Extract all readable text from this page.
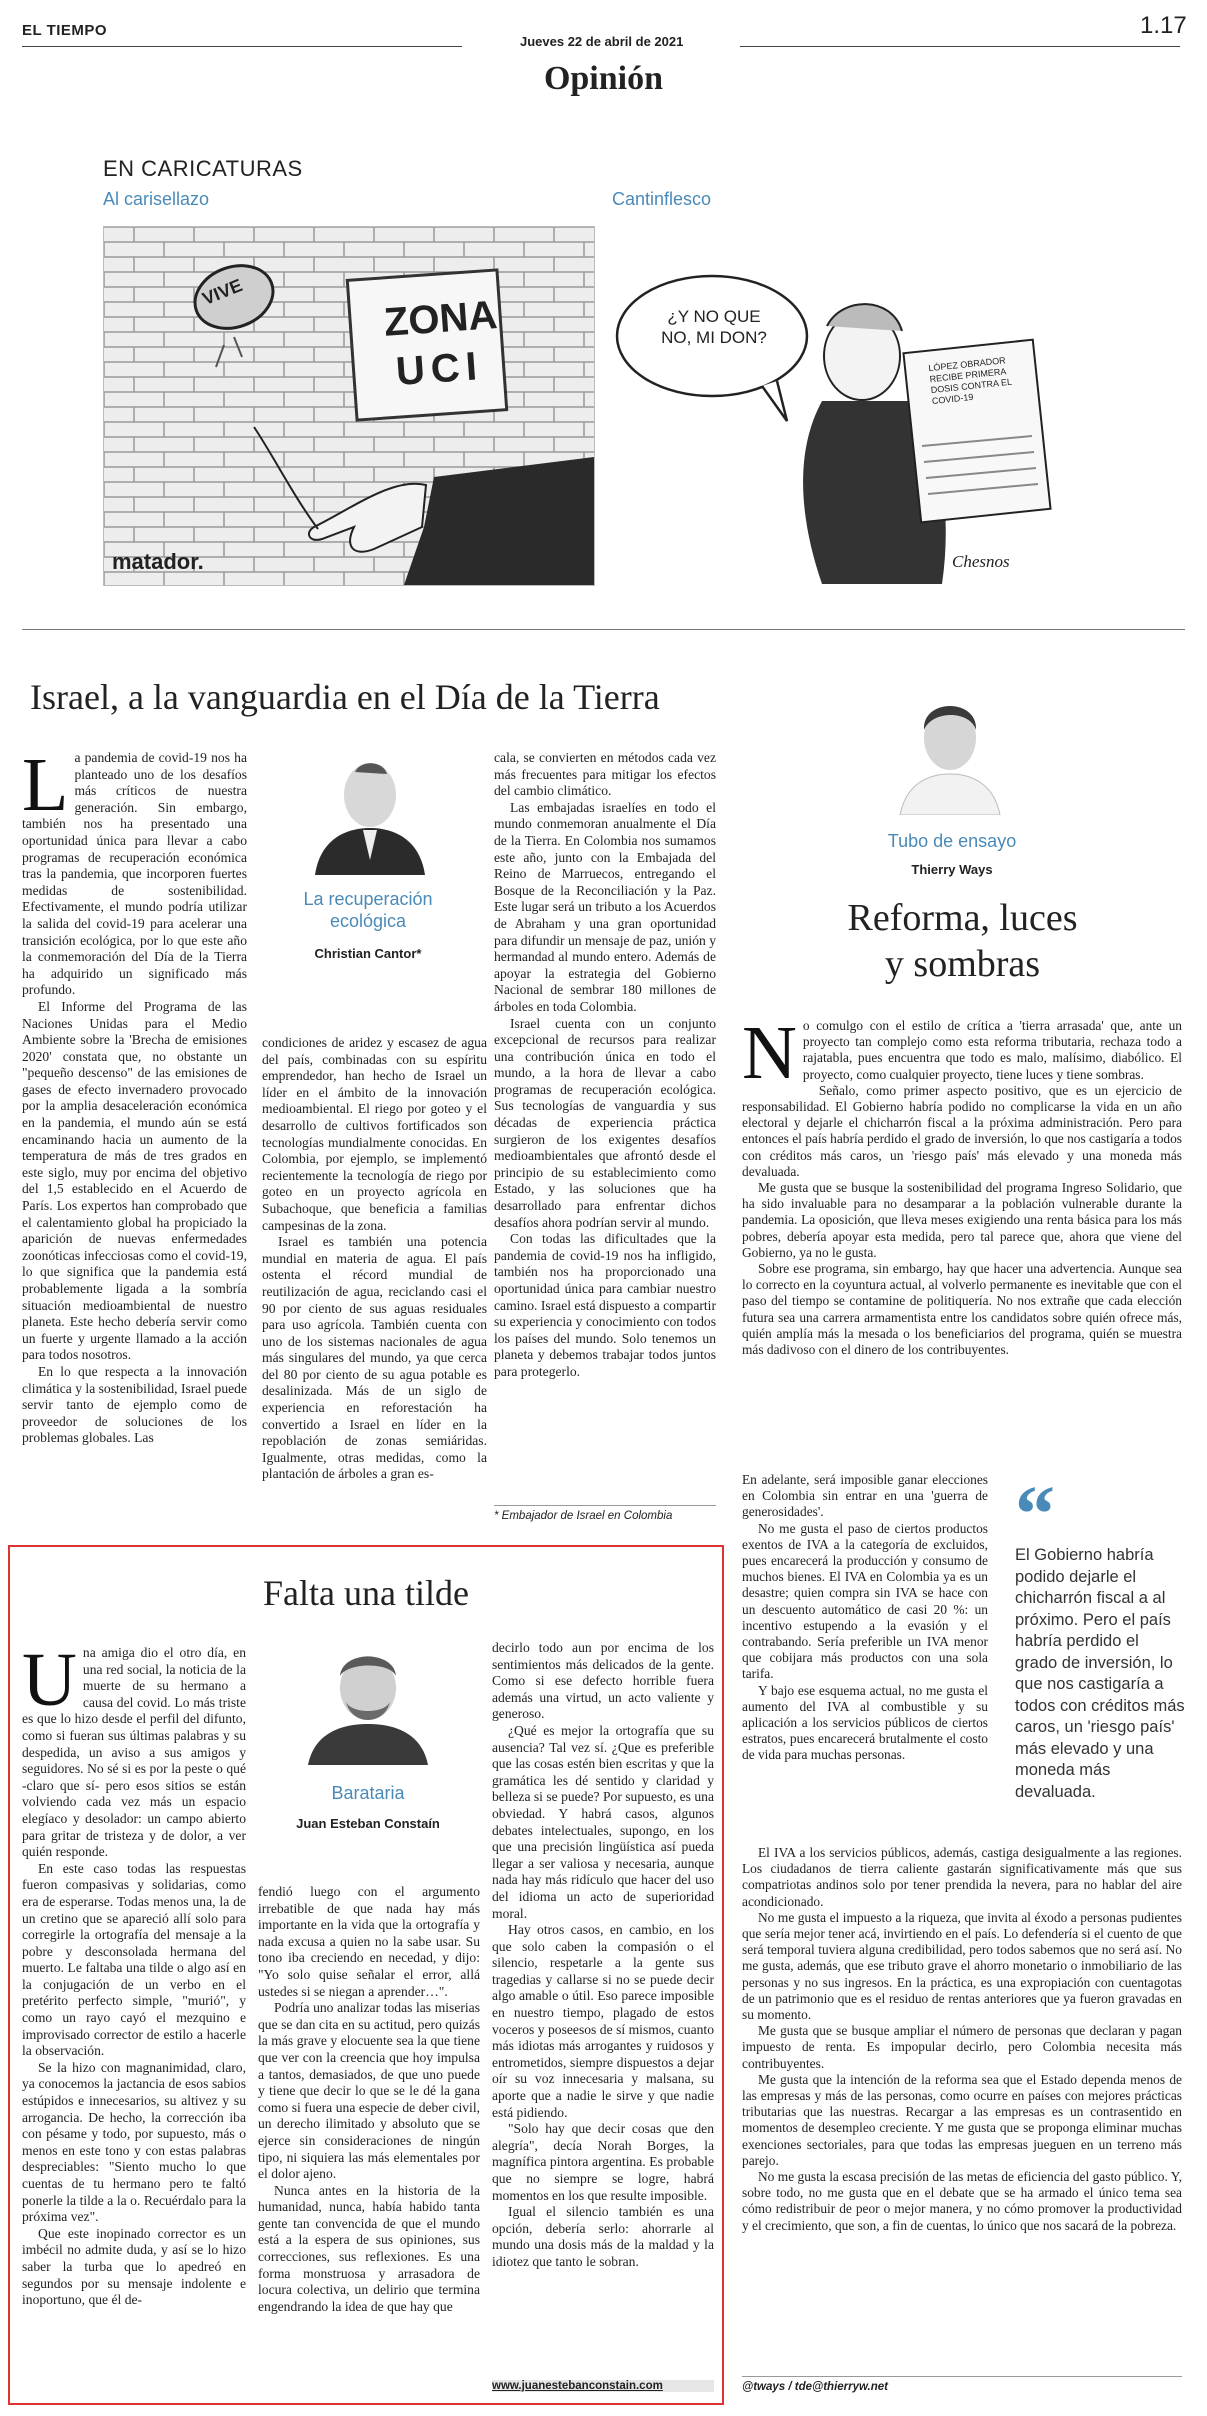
EL TIEMPO
Jueves 22 de abril de 2021
1.17
Opinión
EN CARICATURAS
Al carisellazo	Cantinflesco
VIVE
ZONA
UCI
matador.
¿Y NO QUE NO, MI DON?
LÓPEZ OBRADOR RECIBE PRIMERA DOSIS CONTRA EL COVID-19
Chesnos
Israel, a la vanguardia en el Día de la Tierra
L a pandemia de covid-19 nos ha planteado uno de los desafíos más críticos de nuestra generación. Sin embargo, también nos ha presentado una oportunidad única para llevar a cabo programas de recuperación económica tras la pandemia, que incorporen fuertes medidas de sostenibilidad. Efectivamente, el mundo podría utilizar la salida del covid-19 para acelerar una transición ecológica, por lo que este año la conmemoración del Día de la Tierra ha adquirido un significado más profundo.

El Informe del Programa de las Naciones Unidas para el Medio Ambiente sobre la 'Brecha de emisiones 2020' constata que, no obstante un "pequeño descenso" de las emisiones de gases de efecto invernadero provocado por la amplia desaceleración económica en la pandemia, el mundo aún se está encaminando hacia un aumento de la temperatura de más de tres grados en este siglo, muy por encima del objetivo del 1,5 establecido en el Acuerdo de París. Los expertos han comprobado que el calentamiento global ha propiciado la aparición de nuevas enfermedades zoonóticas infecciosas como el covid-19, lo que significa que la pandemia está probablemente ligada a la sombría situación medioambiental de nuestro planeta. Este hecho debería servir como un fuerte y urgente llamado a la acción para todos nosotros.

En lo que respecta a la innovación climática y la sostenibilidad, Israel puede servir tanto de ejemplo como de proveedor de soluciones de los problemas globales. Las

La recuperación ecológica
Christian Cantor*

condiciones de aridez y escasez de agua del país, combinadas con su espíritu emprendedor, han hecho de Israel un líder en el ámbito de la innovación medioambiental. El riego por goteo y el desarrollo de cultivos fortificados son tecnologías mundialmente conocidas. En Colombia, por ejemplo, se implementó recientemente la tecnología de riego por goteo en un proyecto agrícola en Subachoque, que beneficia a familias campesinas de la zona.

Israel es también una potencia mundial en materia de agua. El país ostenta el récord mundial de reutilización de agua, reciclando casi el 90 por ciento de sus aguas residuales para uso agrícola. También cuenta con uno de los sistemas nacionales de agua más singulares del mundo, ya que cerca del 80 por ciento de su agua potable es desalinizada. Más de un siglo de experiencia en reforestación ha convertido a Israel en líder en la repoblación de zonas semiáridas. Igualmente, otras medidas, como la plantación de árboles a gran es-

cala, se convierten en métodos cada vez más frecuentes para mitigar los efectos del cambio climático.

Las embajadas israelíes en todo el mundo conmemoran anualmente el Día de la Tierra. En Colombia nos sumamos este año, junto con la Embajada del Reino de Marruecos, entregando el Bosque de la Reconciliación y la Paz. Este lugar será un tributo a los Acuerdos de Abraham y una gran oportunidad para difundir un mensaje de paz, unión y hermandad al mundo entero. Además de apoyar la estrategia del Gobierno Nacional de sembrar 180 millones de árboles en toda Colombia.

Israel cuenta con un conjunto excepcional de recursos para realizar una contribución única en todo el mundo, a la hora de llevar a cabo programas de recuperación ecológica. Sus tecnologías de vanguardia y sus décadas de experiencia práctica surgieron de los exigentes desafíos medioambientales que afrontó desde el principio de su establecimiento como Estado, y las soluciones que ha desarrollado para enfrentar dichos desafíos ahora podrían servir al mundo.

Con todas las dificultades que la pandemia de covid-19 nos ha infligido, también nos ha proporcionado una oportunidad única para cambiar nuestro camino. Israel está dispuesto a compartir su experiencia y conocimiento con todos los países del mundo. Solo tenemos un planeta y debemos trabajar todos juntos para protegerlo.

* Embajador de Israel en Colombia
Falta una tilde
U na amiga dio el otro día, en una red social, la noticia de la muerte de su hermano a causa del covid. Lo más triste es que lo hizo desde el perfil del difunto, como si fueran sus últimas palabras y su despedida, un aviso a sus amigos y seguidores. No sé si es por la peste o qué -claro que sí- pero esos sitios se están volviendo cada vez más un espacio elegíaco y desolador: un campo abierto para gritar de tristeza y de dolor, a ver quién responde.

En este caso todas las respuestas fueron compasivas y solidarias, como era de esperarse. Todas menos una, la de un cretino que se apareció allí solo para corregirle la ortografía del mensaje a la pobre y desconsolada hermana del muerto. Le faltaba una tilde o algo así en la conjugación de un verbo en el pretérito perfecto simple, "murió", y como un rayo cayó el mezquino e improvisado corrector de estilo a hacerle la observación.

Se la hizo con magnanimidad, claro, ya conocemos la jactancia de esos sabios estúpidos e innecesarios, su altivez y su arrogancia. De hecho, la corrección iba con pésame y todo, por supuesto, más o menos en este tono y con estas palabras despreciables: "Siento mucho lo que cuentas de tu hermano pero te faltó ponerle la tilde a la o. Recuérdalo para la próxima vez".

Que este inopinado corrector es un imbécil no admite duda, y así se lo hizo saber la turba que lo apedreó en segundos por su mensaje indolente e inoportuno, que él de-

Barataria
Juan Esteban Constaín

fendió luego con el argumento irrebatible de que nada hay más importante en la vida que la ortografía y nada excusa a quien no la sabe usar. Su tono iba creciendo en necedad, y dijo: "Yo solo quise señalar el error, allá ustedes si se niegan a aprender…".

Podría uno analizar todas las miserias que se dan cita en su actitud, pero quizás la más grave y elocuente sea la que tiene que ver con la creencia que hoy impulsa a tantos, demasiados, de que uno puede y tiene que decir lo que se le dé la gana como si fuera una especie de deber civil, un derecho ilimitado y absoluto que se ejerce sin consideraciones de ningún tipo, ni siquiera las más elementales por el dolor ajeno.

Nunca antes en la historia de la humanidad, nunca, había habido tanta gente tan convencida de que el mundo está a la espera de sus opiniones, sus correcciones, sus reflexiones. Es una forma monstruosa y arrasadora de locura colectiva, un delirio que termina engendrando la idea de que hay que

decirlo todo aun por encima de los sentimientos más delicados de la gente. Como si ese defecto horrible fuera además una virtud, un acto valiente y generoso.

¿Qué es mejor la ortografía que su ausencia? Tal vez sí. ¿Que es preferible que las cosas estén bien escritas y que la gramática les dé sentido y claridad y belleza si se puede? Por supuesto, es una obviedad. Y habrá casos, algunos debates intelectuales, supongo, en los que una precisión lingüística así pueda llegar a ser valiosa y necesaria, aunque nada hay más ridículo que hacer del uso del idioma un acto de superioridad moral.

Hay otros casos, en cambio, en los que solo caben la compasión o el silencio, respetarle a la gente sus tragedias y callarse si no se puede decir algo amable o útil. Eso parece imposible en nuestro tiempo, plagado de estos voceros y poseesos de sí mismos, cuanto más idiotas más arrogantes y ruidosos y entrometidos, siempre dispuestos a dejar oír su voz innecesaria y malsana, su aporte que a nadie le sirve y que nadie está pidiendo.

"Solo hay que decir cosas que den alegría", decía Norah Borges, la magnífica pintora argentina. Es probable que no siempre se logre, habrá momentos en los que resulte imposible.

Igual el silencio también es una opción, debería serlo: ahorrarle al mundo una dosis más de la maldad y la idiotez que tanto le sobran.

www.juanestebanconstain.com
Tubo de ensayo
Thierry Ways
Reforma, luces
y sombras
N o comulgo con el estilo de crítica a 'tierra arrasada' que, ante un proyecto tan complejo como esta reforma tributaria, rechaza todo a rajatabla, pues encuentra que todo es malo, malísimo, diabólico. El proyecto, como cualquier proyecto, tiene luces y tiene sombras.

Señalo, como primer aspecto positivo, que es un ejercicio de responsabilidad. El Gobierno habría podido no complicarse la vida en un año electoral y dejarle el chicharrón fiscal a la próxima administración. Pero para entonces el país habría perdido el grado de inversión, lo que nos castigaría a todos con créditos más caros, un 'riesgo país' más elevado y una moneda más devaluada.

Me gusta que se busque la sostenibilidad del programa Ingreso Solidario, que ha sido invaluable para no desamparar a la población vulnerable durante la pandemia. La oposición, que lleva meses exigiendo una renta básica para los más pobres, debería apoyar esta medida, pero tal parece que, ahora que viene del Gobierno, ya no le gusta.

Sobre ese programa, sin embargo, hay que hacer una advertencia. Aunque sea lo correcto en la coyuntura actual, al volverlo permanente es inevitable que con el paso del tiempo se contamine de politiquería. No nos extrañe que cada elección futura sea una carrera armamentista entre los candidatos sobre quién ofrece más, quién amplía más la mesada o los beneficiarios del programa, quién se muestra más dadivoso con el dinero de los contribuyentes.

En adelante, será imposible ganar elecciones en Colombia sin entrar en una 'guerra de generosidades'.

No me gusta el paso de ciertos productos exentos de IVA a la categoría de excluidos, pues encarecerá la producción y consumo de muchos bienes. El IVA en Colombia ya es un desastre; quien compra sin IVA se hace con un descuento automático de casi 20 %: un incentivo estupendo a la evasión y el contrabando. Sería preferible un IVA menor que cobijara más productos con una sola tarifa.

Y bajo ese esquema actual, no me gusta el aumento del IVA al combustible y su aplicación a los servicios públicos de ciertos estratos, pues encarecerá brutalmente el costo de vida para muchas personas.

“
El Gobierno habría podido dejarle el chicharrón fiscal a al próximo. Pero el país habría perdido el grado de inversión, lo que nos castigaría a todos con créditos más caros, un 'riesgo país' más elevado y una moneda más devaluada.

El IVA a los servicios públicos, además, castiga desigualmente a las regiones. Los ciudadanos de tierra caliente gastarán significativamente más que sus compatriotas andinos solo por tener prendida la nevera, para no hablar del aire acondicionado.

No me gusta el impuesto a la riqueza, que invita al éxodo a personas pudientes que sería mejor tener acá, invirtiendo en el país. Lo defendería si el cuento de que será temporal tuviera alguna credibilidad, pero todos sabemos que no será así. No me gusta, además, que ese tributo grave el ahorro monetario o inmobiliario de las personas y no sus ingresos. En la práctica, es una expropiación con cuentagotas de un patrimonio que es el residuo de rentas anteriores que ya fueron gravadas en su momento.

Me gusta que se busque ampliar el número de personas que declaran y pagan impuesto de renta. Es impopular decirlo, pero Colombia necesita más contribuyentes.

Me gusta que la intención de la reforma sea que el Estado dependa menos de las empresas y más de las personas, como ocurre en países con mejores prácticas tributarias que las nuestras. Recargar a las empresas es un contrasentido en momentos de desempleo creciente. Y me gusta que se proponga eliminar muchas exenciones sectoriales, para que todas las empresas jueguen en un terreno más parejo.

No me gusta la escasa precisión de las metas de eficiencia del gasto público. Y, sobre todo, no me gusta que en el debate que se ha armado el único tema sea cómo redistribuir de peor o mejor manera, y no cómo promover la productividad y el crecimiento, que son, a fin de cuentas, lo único que nos sacará de la pobreza.

@tways / tde@thierryw.net
